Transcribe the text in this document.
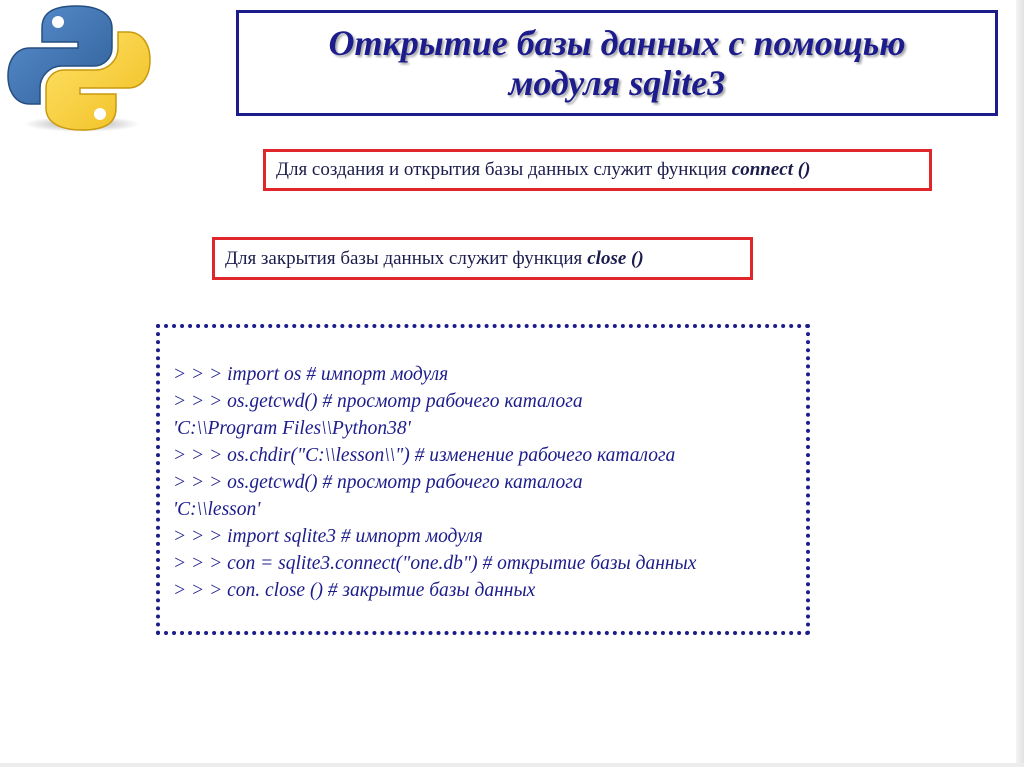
Открытие базы данных с помощью
модуля sqlite3
Для создания и открытия базы данных служит функция connect ()
Для закрытия базы данных служит функция close ()
> > > import os # импорт модуля
> > > os.getcwd() # просмотр рабочего каталога
'C:\\Program Files\\Python38'
> > > os.chdir("C:\\lesson\\") # изменение рабочего каталога
> > > os.getcwd() # просмотр рабочего каталога
'C:\\lesson'
> > > import sqlite3 # импорт модуля
> > > con = sqlite3.connect("one.db") # открытие базы данных
> > > con. close () # закрытие базы данных
